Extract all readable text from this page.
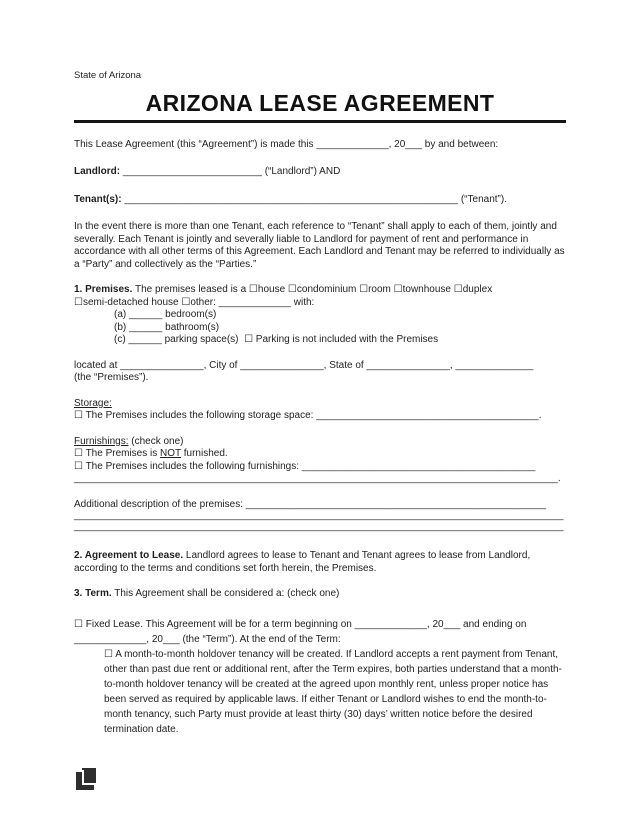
State of Arizona
ARIZONA LEASE AGREEMENT
This Lease Agreement (this “Agreement”) is made this _____________, 20___ by and between:
Landlord: _________________________ (“Landlord”) AND
Tenant(s): ____________________________________________________________ (“Tenant”).
In the event there is more than one Tenant, each reference to “Tenant” shall apply to each of them, jointly and severally. Each Tenant is jointly and severally liable to Landlord for payment of rent and performance in accordance with all other terms of this Agreement. Each Landlord and Tenant may be referred to individually as a “Party” and collectively as the “Parties.”
1. Premises. The premises leased is a ☐house ☐condominium ☐room ☐townhouse ☐duplex
☐semi-detached house ☐other: _____________ with:
(a) ______ bedroom(s)
(b) ______ bathroom(s)
(c) ______ parking space(s)  ☐ Parking is not included with the Premises
located at _______________, City of _______________, State of _______________, ______________
(the “Premises”).
Storage:
☐ The Premises includes the following storage space: ________________________________________.
Furnishings: (check one)
☐ The Premises is NOT furnished.
☐ The Premises includes the following furnishings: __________________________________________
_______________________________________________________________________________________.
Additional description of the premises: ______________________________________________________
________________________________________________________________________________________
________________________________________________________________________________________
2. Agreement to Lease. Landlord agrees to lease to Tenant and Tenant agrees to lease from Landlord, according to the terms and conditions set forth herein, the Premises.
3. Term. This Agreement shall be considered a: (check one)
☐ Fixed Lease. This Agreement will be for a term beginning on _____________, 20___ and ending on
_____________, 20___ (the “Term”). At the end of the Term:
☐ A month-to-month holdover tenancy will be created. If Landlord accepts a rent payment from Tenant, other than past due rent or additional rent, after the Term expires, both parties understand that a month-to-month holdover tenancy will be created at the agreed upon monthly rent, unless proper notice has been served as required by applicable laws. If either Tenant or Landlord wishes to end the month-to-month tenancy, such Party must provide at least thirty (30) days’ written notice before the desired termination date.
